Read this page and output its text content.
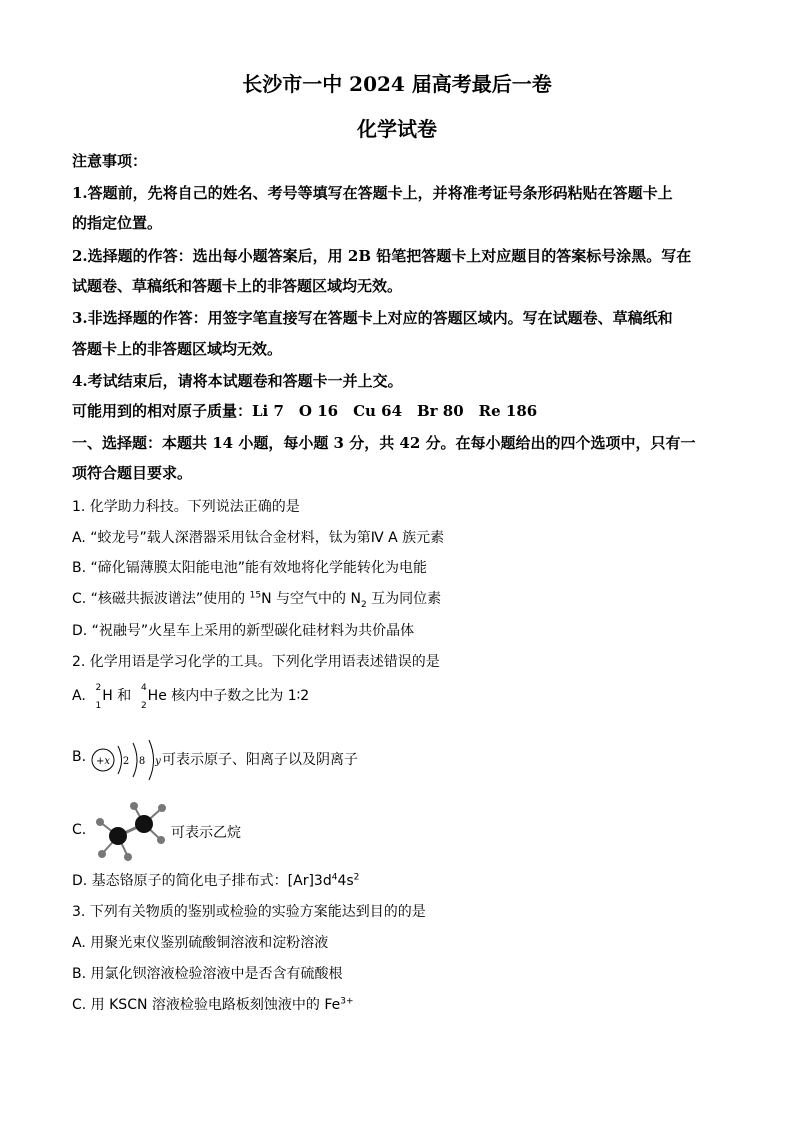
长沙市一中 2024 届高考最后一卷
化学试卷
注意事项：
1.答题前，先将自己的姓名、考号等填写在答题卡上，并将准考证号条形码粘贴在答题卡上
的指定位置。
2.选择题的作答：选出每小题答案后，用 2B 铅笔把答题卡上对应题目的答案标号涂黑。写在
试题卷、草稿纸和答题卡上的非答题区域均无效。
3.非选择题的作答：用签字笔直接写在答题卡上对应的答题区域内。写在试题卷、草稿纸和
答题卡上的非答题区域均无效。
4.考试结束后，请将本试题卷和答题卡一并上交。
可能用到的相对原子质量：Li 7　O 16　Cu 64　Br 80　Re 186
一、选择题：本题共 14 小题，每小题 3 分，共 42 分。在每小题给出的四个选项中，只有一
项符合题目要求。
1. 化学助力科技。下列说法正确的是
A. “蛟龙号”载人深潜器采用钛合金材料，钛为第Ⅳ A 族元素
B. “碲化镉薄膜太阳能电池”能有效地将化学能转化为电能
C. “核磁共振波谱法”使用的 $^{15}$N 与空气中的 $N_2$ 互为同位素
D. “祝融号”火星车上采用的新型碳化硅材料为共价晶体
2. 化学用语是学习化学的工具。下列化学用语表述错误的是
A. 2
1
H 和 4
2
He 核内中子数之比为 1∶2
B. +x 2 8 y 可表示原子、阳离子以及阴离子
C.	可表示乙烷
D. 基态铬原子的简化电子排布式：$[Ar]3d^44s^2$
3. 下列有关物质的鉴别或检验的实验方案能达到目的的是
A. 用聚光束仪鉴别硫酸铜溶液和淀粉溶液
B. 用氯化钡溶液检验溶液中是否含有硫酸根
C. 用 KSCN 溶液检验电路板刻蚀液中的 $Fe^{3+}$
